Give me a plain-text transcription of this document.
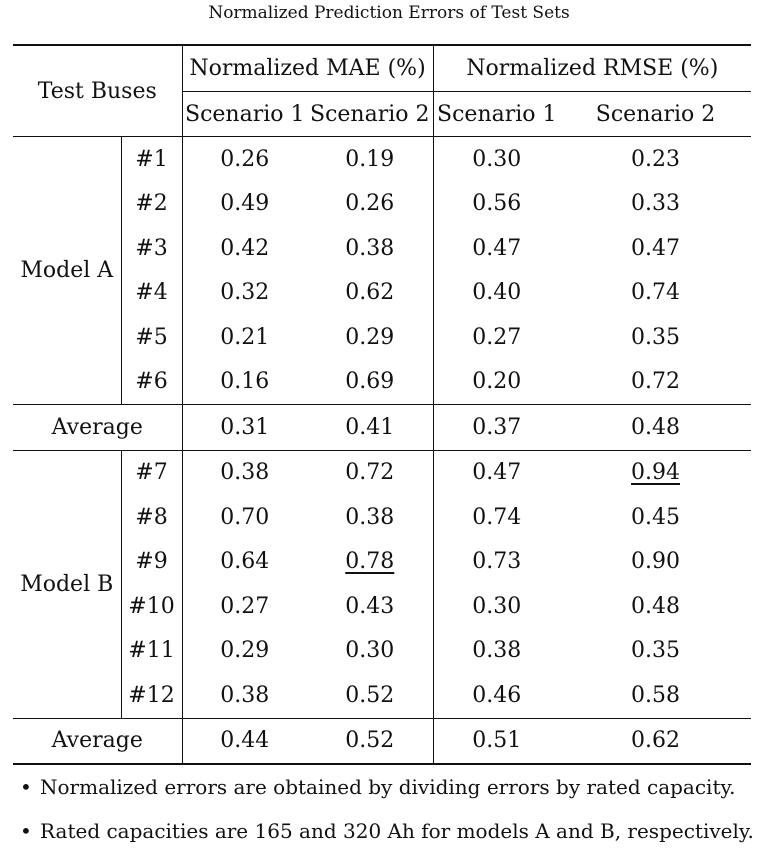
Normalized Prediction Errors of Test Sets
Test Buses		Normalized MAE (%)		Normalized RMSE (%)	
		Scenario 1	Scenario 2	Scenario 1	Scenario 2
Model A	#1	0.26	0.19	0.30	0.23
	#2	0.49	0.26	0.56	0.33
	#3	0.42	0.38	0.47	0.47
	#4	0.32	0.62	0.40	0.74
	#5	0.21	0.29	0.27	0.35
	#6	0.16	0.69	0.20	0.72
Average		0.31	0.41	0.37	0.48
Model B	#7	0.38	0.72	0.47	0.94
	#8	0.70	0.38	0.74	0.45
	#9	0.64	0.78	0.73	0.90
	#10	0.27	0.43	0.30	0.48
	#11	0.29	0.30	0.38	0.35
	#12	0.38	0.52	0.46	0.58
Average		0.44	0.52	0.51	0.62
• Normalized errors are obtained by dividing errors by rated capacity.
• Rated capacities are 165 and 320 Ah for models A and B, respectively.
